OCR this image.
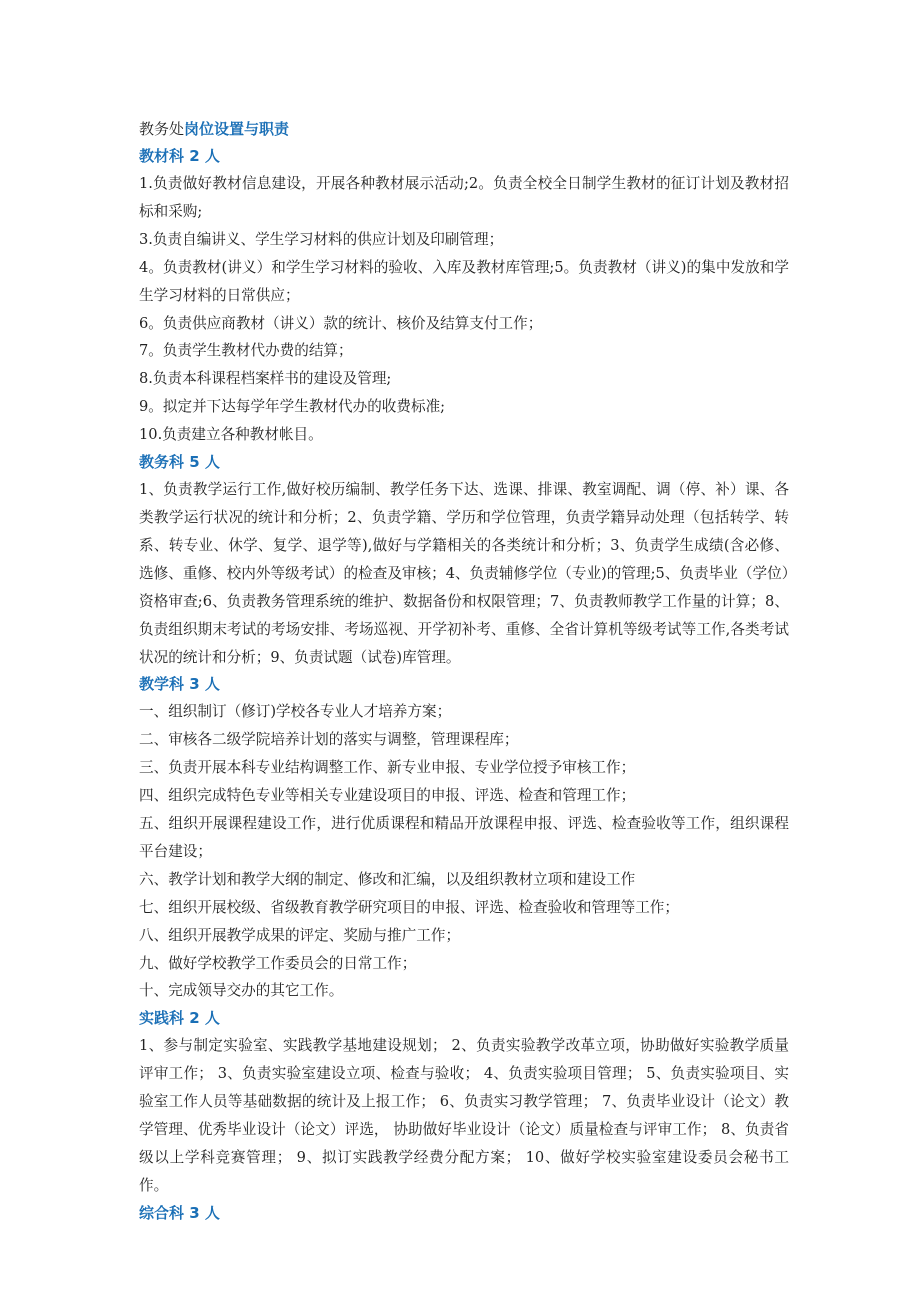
教务处岗位设置与职责
教材科 2 人

1.负责做好教材信息建设，开展各种教材展示活动;2。负责全校全日制学生教材的征订计划及教材招标和采购;

3.负责自编讲义、学生学习材料的供应计划及印刷管理；

4。负责教材(讲义）和学生学习材料的验收、入库及教材库管理;5。负责教材（讲义)的集中发放和学生学习材料的日常供应；

6。负责供应商教材（讲义）款的统计、核价及结算支付工作；

7。负责学生教材代办费的结算；

8.负责本科课程档案样书的建设及管理;

9。拟定并下达每学年学生教材代办的收费标准;

10.负责建立各种教材帐目。

教务科 5 人

1、负责教学运行工作,做好校历编制、教学任务下达、选课、排课、教室调配、调（停、补）课、各类教学运行状况的统计和分析；2、负责学籍、学历和学位管理，负责学籍异动处理（包括转学、转系、转专业、休学、复学、退学等),做好与学籍相关的各类统计和分析；3、负责学生成绩(含必修、选修、重修、校内外等级考试）的检查及审核；4、负责辅修学位（专业)的管理;5、负责毕业（学位）资格审查;6、负责教务管理系统的维护、数据备份和权限管理；7、负责教师教学工作量的计算；8、负责组织期末考试的考场安排、考场巡视、开学初补考、重修、全省计算机等级考试等工作,各类考试状况的统计和分析；9、负责试题（试卷)库管理。

教学科 3 人

一、组织制订（修订)学校各专业人才培养方案；

二、审核各二级学院培养计划的落实与调整，管理课程库；

三、负责开展本科专业结构调整工作、新专业申报、专业学位授予审核工作；

四、组织完成特色专业等相关专业建设项目的申报、评选、检查和管理工作；

五、组织开展课程建设工作，进行优质课程和精品开放课程申报、评选、检查验收等工作，组织课程平台建设；

六、教学计划和教学大纲的制定、修改和汇编，以及组织教材立项和建设工作

七、组织开展校级、省级教育教学研究项目的申报、评选、检查验收和管理等工作；

八、组织开展教学成果的评定、奖励与推广工作；

九、做好学校教学工作委员会的日常工作；

十、完成领导交办的其它工作。

实践科 2 人

1、参与制定实验室、实践教学基地建设规划； 2、负责实验教学改革立项，协助做好实验教学质量评审工作； 3、负责实验室建设立项、检查与验收； 4、负责实验项目管理； 5、负责实验项目、实验室工作人员等基础数据的统计及上报工作； 6、负责实习教学管理； 7、负责毕业设计（论文）教学管理、优秀毕业设计（论文）评选， 协助做好毕业设计（论文）质量检查与评审工作； 8、负责省级以上学科竞赛管理； 9、拟订实践教学经费分配方案； 10、做好学校实验室建设委员会秘书工作。

综合科 3 人
